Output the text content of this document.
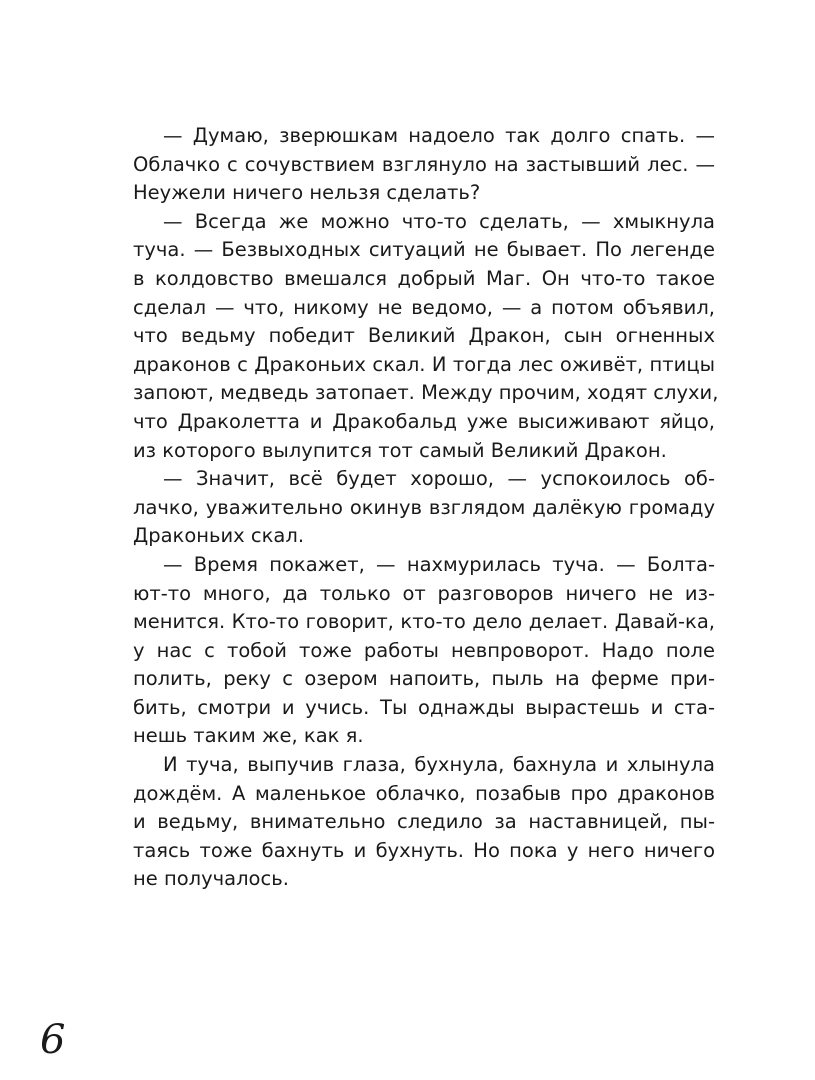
— Думаю, зверюшкам надоело так долго спать. —
Облачко с сочувствием взглянуло на застывший лес. —
Неужели ничего нельзя сделать?
— Всегда же можно что-то сделать, — хмыкнула
туча. — Безвыходных ситуаций не бывает. По легенде
в колдовство вмешался добрый Маг. Он что-то такое
сделал — что, никому не ведомо, — а потом объявил,
что ведьму победит Великий Дракон, сын огненных
драконов с Драконьих скал. И тогда лес оживёт, птицы
запоют, медведь затопает. Между прочим, ходят слухи,
что Драколетта и Дракобальд уже высиживают яйцо,
из которого вылупится тот самый Великий Дракон.
— Значит, всё будет хорошо, — успокоилось об-
лачко, уважительно окинув взглядом далёкую громаду
Драконьих скал.
— Время покажет, — нахмурилась туча. — Болта-
ют-то много, да только от разговоров ничего не из-
менится. Кто-то говорит, кто-то дело делает. Давай-ка,
у нас с тобой тоже работы невпроворот. Надо поле
полить, реку с озером напоить, пыль на ферме при-
бить, смотри и учись. Ты однажды вырастешь и ста-
нешь таким же, как я.
И туча, выпучив глаза, бухнула, бахнула и хлынула
дождём. А маленькое облачко, позабыв про драконов
и ведьму, внимательно следило за наставницей, пы-
таясь тоже бахнуть и бухнуть. Но пока у него ничего
не получалось.
6
